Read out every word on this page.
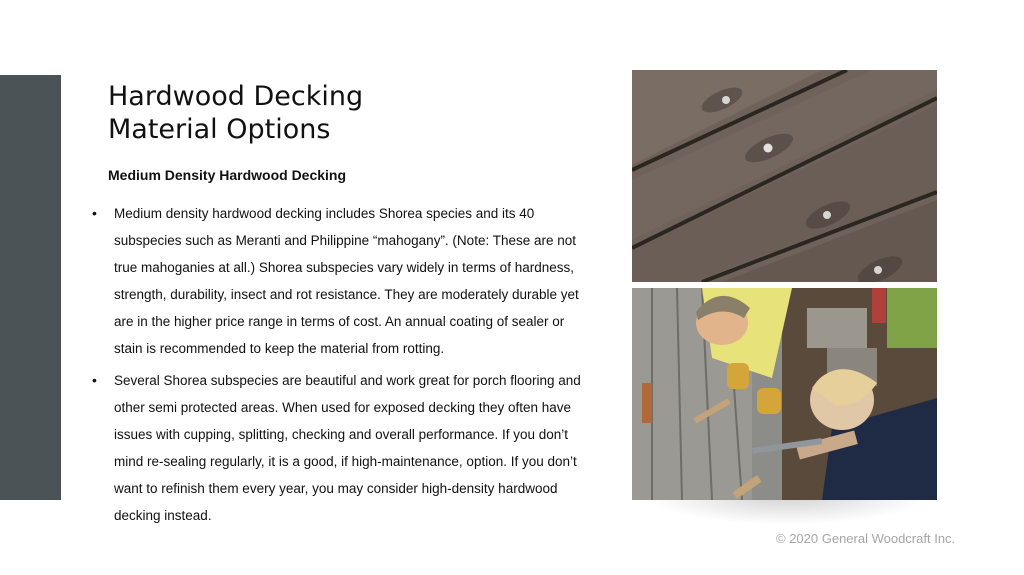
Hardwood Decking
Material Options
Medium Density Hardwood Decking
• Medium density hardwood decking includes Shorea species and its 40 subspecies such as Meranti and Philippine “mahogany”. (Note: These are not true mahoganies at all.) Shorea subspecies vary widely in terms of hardness, strength, durability, insect and rot resistance. They are moderately durable yet are in the higher price range in terms of cost. An annual coating of sealer or stain is recommended to keep the material from rotting.
• Several Shorea subspecies are beautiful and work great for porch flooring and other semi protected areas. When used for exposed decking they often have issues with cupping, splitting, checking and overall performance. If you don’t mind re-sealing regularly, it is a good, if high-maintenance, option. If you don’t want to refinish them every year, you may consider high-density hardwood decking instead.
© 2020 General Woodcraft Inc.
